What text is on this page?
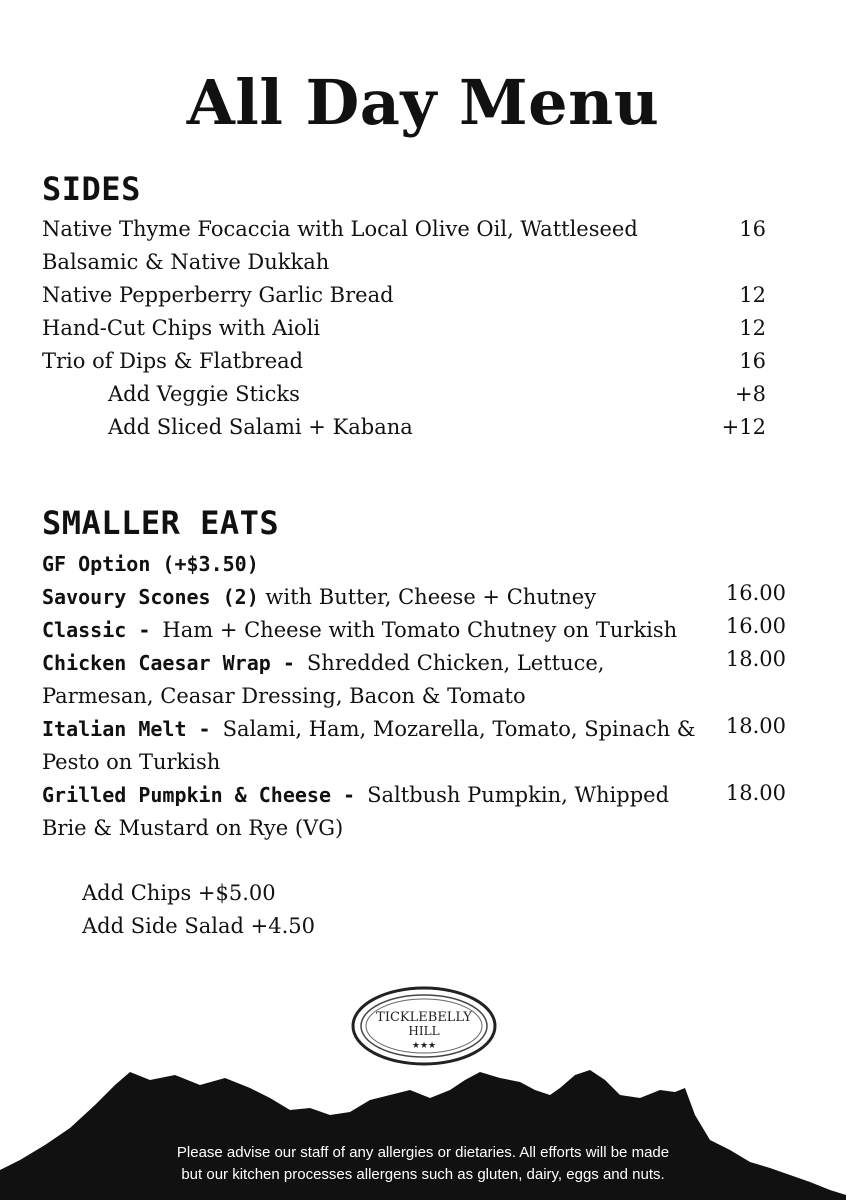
All Day Menu
SIDES
Native Thyme Focaccia with Local Olive Oil, Wattleseed	16
Balsamic & Native Dukkah
Native Pepperberry Garlic Bread	12
Hand-Cut Chips with Aioli	12
Trio of Dips & Flatbread	16
Add Veggie Sticks	+8
Add Sliced Salami + Kabana	+12
SMALLER EATS
GF Option (+$3.50)
Savoury Scones (2) with Butter, Cheese + Chutney	16.00
Classic - Ham + Cheese with Tomato Chutney on Turkish	16.00
Chicken Caesar Wrap - Shredded Chicken, Lettuce,	18.00
Parmesan, Ceasar Dressing, Bacon & Tomato
Italian Melt - Salami, Ham, Mozarella, Tomato, Spinach &	18.00
Pesto on Turkish
Grilled Pumpkin & Cheese - Saltbush Pumpkin, Whipped	18.00
Brie & Mustard on Rye (VG)
Add Chips +$5.00
Add Side Salad +4.50
TICKLEBELLY
HILL
★★★
Please advise our staff of any allergies or dietaries. All efforts will be made
but our kitchen processes allergens such as gluten, dairy, eggs and nuts.
